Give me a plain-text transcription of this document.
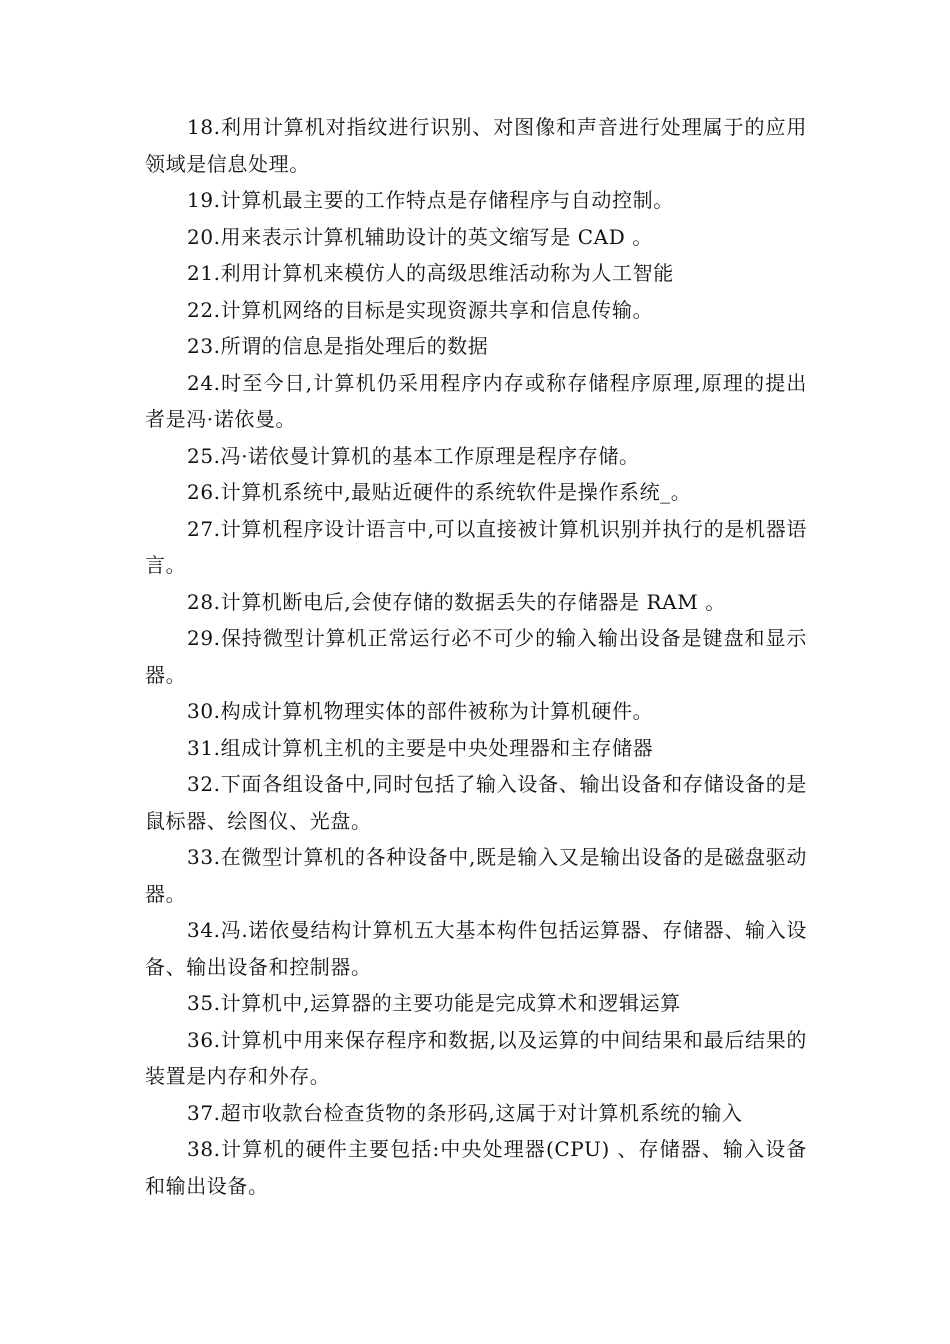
18.利用计算机对指纹进行识别、对图像和声音进行处理属于的应用领域是信息处理。

19.计算机最主要的工作特点是存储程序与自动控制。

20.用来表示计算机辅助设计的英文缩写是 CAD 。

21.利用计算机来模仿人的高级思维活动称为人工智能

22.计算机网络的目标是实现资源共享和信息传输。

23.所谓的信息是指处理后的数据

24.时至今日,计算机仍采用程序内存或称存储程序原理,原理的提出者是冯·诺依曼。

25.冯·诺依曼计算机的基本工作原理是程序存储。

26.计算机系统中,最贴近硬件的系统软件是操作系统_。

27.计算机程序设计语言中,可以直接被计算机识别并执行的是机器语言。

28.计算机断电后,会使存储的数据丢失的存储器是 RAM 。

29.保持微型计算机正常运行必不可少的输入输出设备是键盘和显示器。

30.构成计算机物理实体的部件被称为计算机硬件。

31.组成计算机主机的主要是中央处理器和主存储器

32.下面各组设备中,同时包括了输入设备、输出设备和存储设备的是鼠标器、绘图仪、光盘。

33.在微型计算机的各种设备中,既是输入又是输出设备的是磁盘驱动器。

34.冯.诺依曼结构计算机五大基本构件包括运算器、存储器、输入设备、输出设备和控制器。

35.计算机中,运算器的主要功能是完成算术和逻辑运算

36.计算机中用来保存程序和数据,以及运算的中间结果和最后结果的装置是内存和外存。

37.超市收款台检查货物的条形码,这属于对计算机系统的输入

38.计算机的硬件主要包括:中央处理器(CPU) 、存储器、输入设备和输出设备。
